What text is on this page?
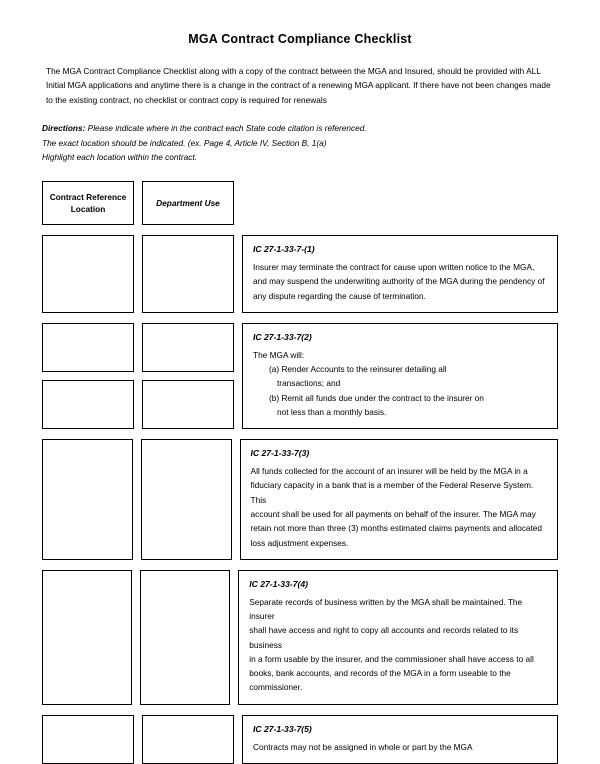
MGA Contract Compliance Checklist

The MGA Contract Compliance Checklist along with a copy of the contract between the MGA and Insured, should be provided with ALL Initial MGA applications and anytime there is a change in the contract of a renewing MGA applicant. If there have not been changes made to the existing contract, no checklist or contract copy is required for renewals

Directions: Please indicate where in the contract each State code citation is referenced.
The exact location should be indicated. (ex. Page 4, Article IV, Section B, 1(a)
Highlight each location within the contract.
Contract Reference Location
Department Use
IC 27-1-33-7-(1)
Insurer may terminate the contract for cause upon written notice to the MGA,
and may suspend the underwriting authority of the MGA during the pendency of
any dispute regarding the cause of termination.
IC 27-1-33-7(2)
The MGA will:
(a) Render Accounts to the reinsurer detailing all
transactions; and
(b) Remit all funds due under the contract to the insurer on
not less than a monthly basis.
IC 27-1-33-7(3)
All funds collected for the account of an insurer will be held by the MGA in a
fiduciary capacity in a bank that is a member of the Federal Reserve System. This
account shall be used for all payments on behalf of the insurer. The MGA may
retain not more than three (3) months estimated claims payments and allocated
loss adjustment expenses.
IC 27-1-33-7(4)
Separate records of business written by the MGA shall be maintained. The insurer
shall have access and right to copy all accounts and records related to its business
in a form usable by the insurer, and the commissioner shall have access to all
books, bank accounts, and records of the MGA in a form useable to the
commissioner.
IC 27-1-33-7(5)
Contracts may not be assigned in whole or part by the MGA
